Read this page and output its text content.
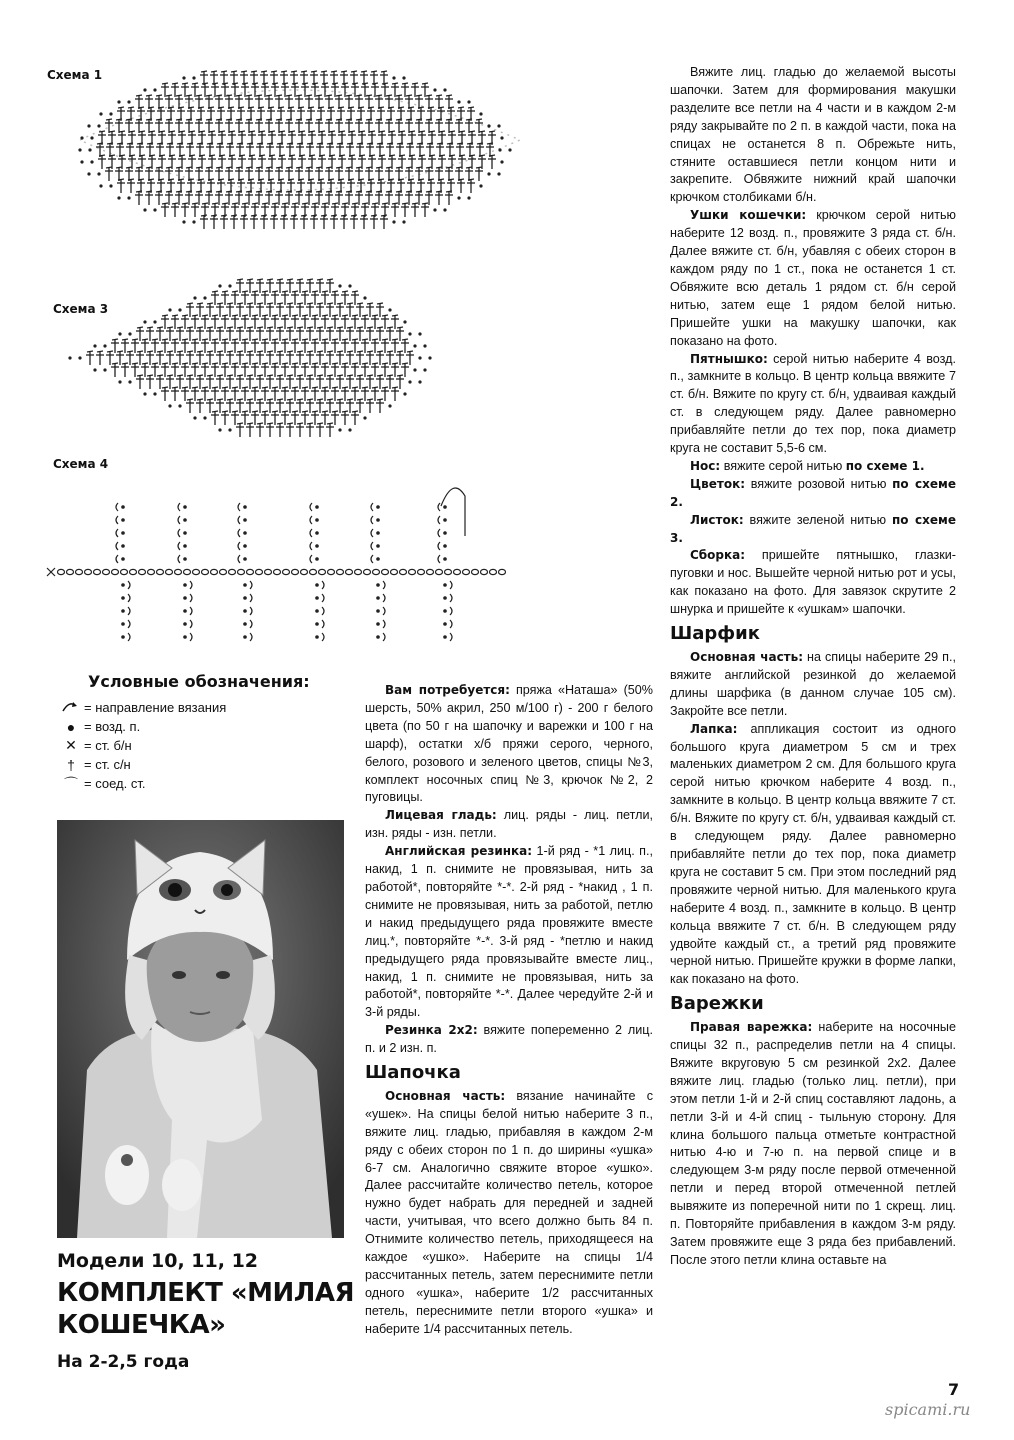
Схема 1
Схема 3
Схема 4
Условные обозначения:
= направление вязания
● = возд. п.
✕ = ст. б/н
† = ст. с/н
⌒ = соед. ст.
Модели 10, 11, 12
КОМПЛЕКТ «МИЛАЯ
КОШЕЧКА»
На 2-2,5 года

Вам потребуется: пряжа «Наташа» (50% шерсть, 50% акрил, 250 м/100 г) - 200 г белого цвета (по 50 г на шапочку и варежки и 100 г на шарф), остатки х/б пряжи серого, черного, белого, розового и зеленого цветов, спицы №3, комплект носочных спиц №3, крючок №2, 2 пуговицы.

Лицевая гладь: лиц. ряды - лиц. петли, изн. ряды - изн. петли.

Английская резинка: 1-й ряд - *1 лиц. п., накид, 1 п. снимите не провязывая, нить за работой*, повторяйте *-*. 2-й ряд - *накид , 1 п. снимите не провязывая, нить за работой, петлю и накид предыдущего ряда провяжите вместе лиц.*, повторяйте *-*. 3-й ряд - *петлю и накид предыдущего ряда провязывайте вместе лиц., накид, 1 п. снимите не провязывая, нить за работой*, повторяйте *-*. Далее чередуйте 2-й и 3-й ряды.

Резинка 2х2: вяжите попеременно 2 лиц. п. и 2 изн. п.

Шапочка

Основная часть: вязание начинайте с «ушек». На спицы белой нитью наберите 3 п., вяжите лиц. гладью, прибавляя в каждом 2-м ряду с обеих сторон по 1 п. до ширины «ушка» 6-7 см. Аналогично свяжите второе «ушко». Далее рассчитайте количество петель, которое нужно будет набрать для передней и задней части, учитывая, что всего должно быть 84 п. Отнимите количество петель, приходящееся на каждое «ушко». Наберите на спицы 1/4 рассчитанных петель, затем переснимите петли одного «ушка», наберите 1/2 рассчитанных петель, переснимите петли второго «ушка» и наберите 1/4 рассчитанных петель.

Вяжите лиц. гладью до желаемой высоты шапочки. Затем для формирования макушки разделите все петли на 4 части и в каждом 2-м ряду закрывайте по 2 п. в каждой части, пока на спицах не останется 8 п. Обрежьте нить, стяните оставшиеся петли концом нити и закрепите. Обвяжите нижний край шапочки крючком столбиками б/н.

Ушки кошечки: крючком серой нитью наберите 12 возд. п., провяжите 3 ряда ст. б/н. Далее вяжите ст. б/н, убавляя с обеих сторон в каждом ряду по 1 ст., пока не останется 1 ст. Обвяжите всю деталь 1 рядом ст. б/н серой нитью, затем еще 1 рядом белой нитью. Пришейте ушки на макушку шапочки, как показано на фото.

Пятнышко: серой нитью наберите 4 возд. п., замкните в кольцо. В центр кольца ввяжите 7 ст. б/н. Вяжите по кругу ст. б/н, удваивая каждый ст. в следующем ряду. Далее равномерно прибавляйте петли до тех пор, пока диаметр круга не составит 5,5-6 см.

Нос: вяжите серой нитью по схеме 1.

Цветок: вяжите розовой нитью по схеме 2.

Листок: вяжите зеленой нитью по схеме 3.

Сборка: пришейте пятнышко, глазки-пуговки и нос. Вышейте черной нитью рот и усы, как показано на фото. Для завязок скрутите 2 шнурка и пришейте к «ушкам» шапочки.

Шарфик

Основная часть: на спицы наберите 29 п., вяжите английской резинкой до желаемой длины шарфика (в данном случае 105 см). Закройте все петли.

Лапка: аппликация состоит из одного большого круга диаметром 5 см и трех маленьких диаметром 2 см. Для большого круга серой нитью крючком наберите 4 возд. п., замкните в кольцо. В центр кольца ввяжите 7 ст. б/н. Вяжите по кругу ст. б/н, удваивая каждый ст. в следующем ряду. Далее равномерно прибавляйте петли до тех пор, пока диаметр круга не составит 5 см. При этом последний ряд провяжите черной нитью. Для маленького круга наберите 4 возд. п., замкните в кольцо. В центр кольца ввяжите 7 ст. б/н. В следующем ряду удвойте каждый ст., а третий ряд провяжите черной нитью. Пришейте кружки в форме лапки, как показано на фото.

Варежки

Правая варежка: наберите на носочные спицы 32 п., распределив петли на 4 спицы. Вяжите вкруговую 5 см резинкой 2х2. Далее вяжите лиц. гладью (только лиц. петли), при этом петли 1-й и 2-й спиц составляют ладонь, а петли 3-й и 4-й спиц - тыльную сторону. Для клина большого пальца отметьте контрастной нитью 4-ю и 7-ю п. на первой спице и в следующем 3-м ряду после первой отмеченной петли и перед второй отмеченной петлей вывяжите из поперечной нити по 1 скрещ. лиц. п. Повторяйте прибавления в каждом 3-м ряду. Затем провяжите еще 3 ряда без прибавлений. После этого петли клина оставьте на

7
spicami.ru
